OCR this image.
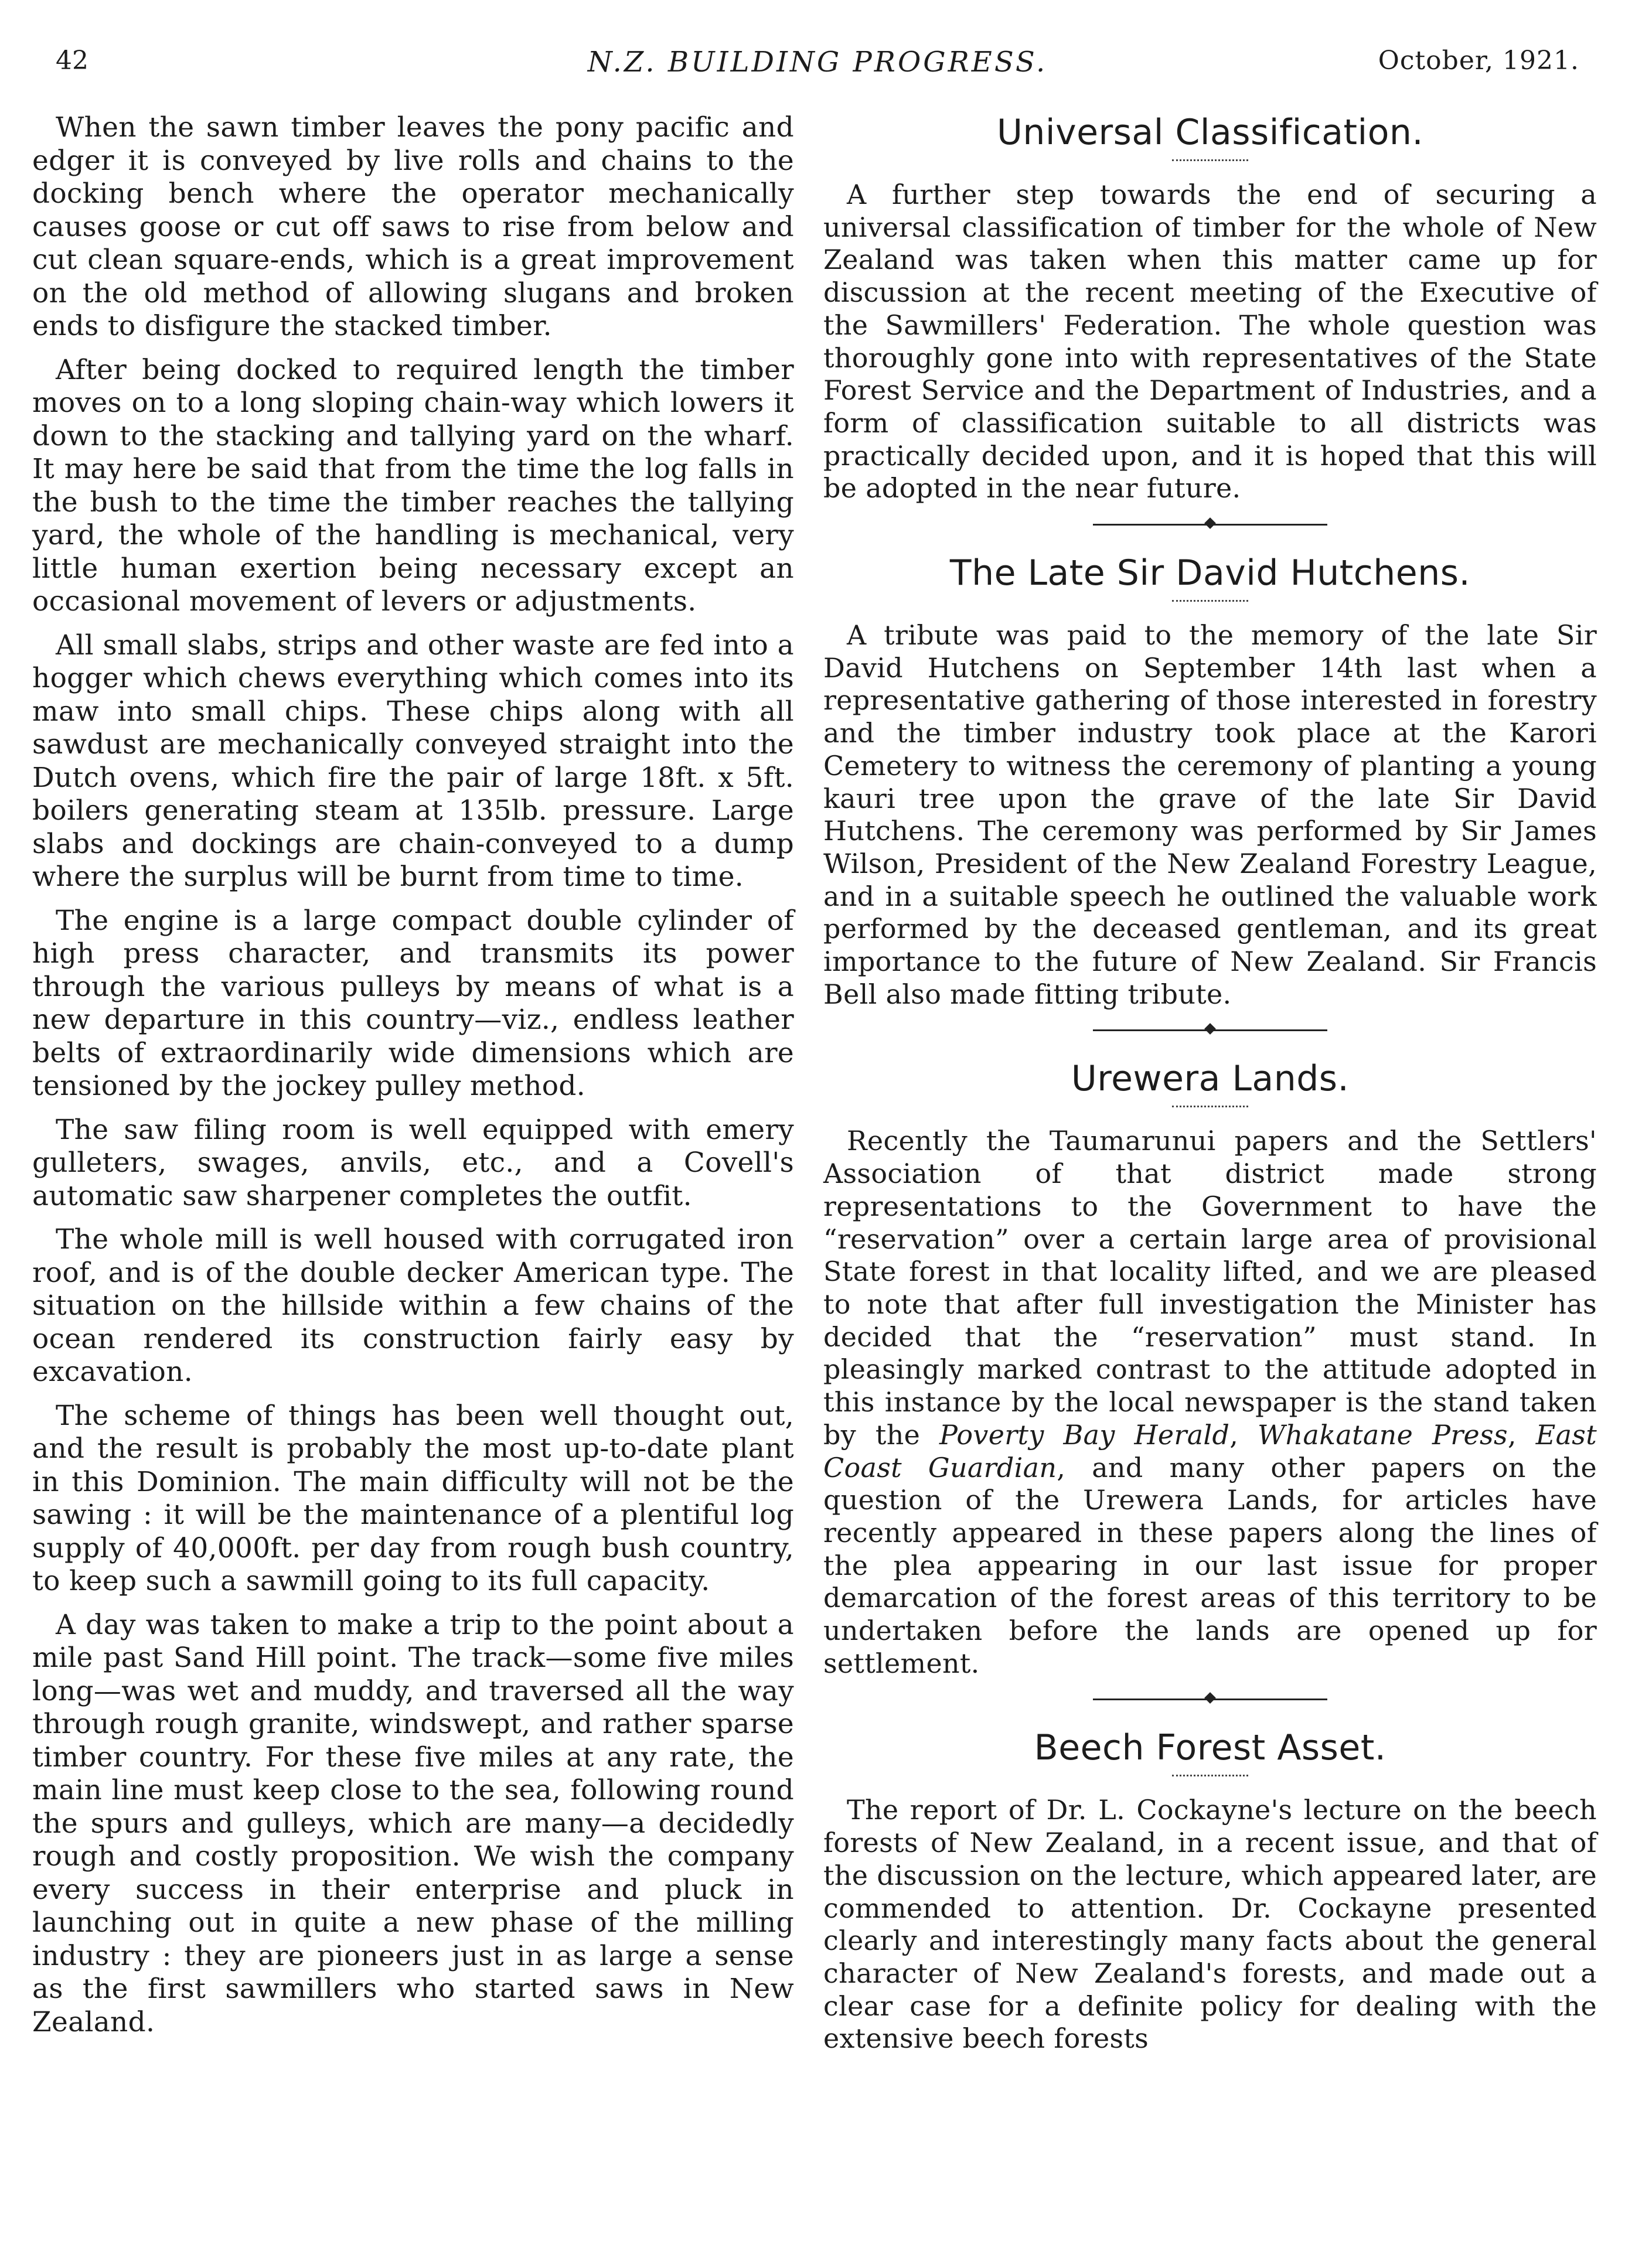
42	N.Z. BUILDING PROGRESS.	October, 1921.

When the sawn timber leaves the pony pacific and edger it is conveyed by live rolls and chains to the docking bench where the operator mechanically causes goose or cut off saws to rise from below and cut clean square-ends, which is a great improvement on the old method of allowing slugans and broken ends to disfigure the stacked timber.

After being docked to required length the timber moves on to a long sloping chain-way which lowers it down to the stacking and tallying yard on the wharf. It may here be said that from the time the log falls in the bush to the time the timber reaches the tallying yard, the whole of the handling is mechanical, very little human exertion being necessary except an occasional movement of levers or adjustments.

All small slabs, strips and other waste are fed into a hogger which chews everything which comes into its maw into small chips. These chips along with all sawdust are mechanically conveyed straight into the Dutch ovens, which fire the pair of large 18ft. x 5ft. boilers generating steam at 135lb. pressure. Large slabs and dockings are chain-conveyed to a dump where the surplus will be burnt from time to time.

The engine is a large compact double cylinder of high press character, and transmits its power through the various pulleys by means of what is a new departure in this country—viz., endless leather belts of extraordinarily wide dimensions which are tensioned by the jockey pulley method.

The saw filing room is well equipped with emery gulleters, swages, anvils, etc., and a Covell's automatic saw sharpener completes the outfit.

The whole mill is well housed with corrugated iron roof, and is of the double decker American type. The situation on the hillside within a few chains of the ocean rendered its construction fairly easy by excavation.

The scheme of things has been well thought out, and the result is probably the most up-to-date plant in this Dominion. The main difficulty will not be the sawing : it will be the maintenance of a plentiful log supply of 40,000ft. per day from rough bush country, to keep such a sawmill going to its full capacity.

A day was taken to make a trip to the point about a mile past Sand Hill point. The track—some five miles long—was wet and muddy, and traversed all the way through rough granite, windswept, and rather sparse timber country. For these five miles at any rate, the main line must keep close to the sea, following round the spurs and gulleys, which are many—a decidedly rough and costly proposition. We wish the company every success in their enterprise and pluck in launching out in quite a new phase of the milling industry : they are pioneers just in as large a sense as the first sawmillers who started saws in New Zealand.

Universal Classification.

A further step towards the end of securing a universal classification of timber for the whole of New Zealand was taken when this matter came up for discussion at the recent meeting of the Executive of the Sawmillers' Federation. The whole question was thoroughly gone into with representatives of the State Forest Service and the Department of Industries, and a form of classification suitable to all districts was practically decided upon, and it is hoped that this will be adopted in the near future.

The Late Sir David Hutchens.

A tribute was paid to the memory of the late Sir David Hutchens on September 14th last when a representative gathering of those interested in forestry and the timber industry took place at the Karori Cemetery to witness the ceremony of planting a young kauri tree upon the grave of the late Sir David Hutchens. The ceremony was performed by Sir James Wilson, President of the New Zealand Forestry League, and in a suitable speech he outlined the valuable work performed by the deceased gentleman, and its great importance to the future of New Zealand. Sir Francis Bell also made fitting tribute.

Urewera Lands.

Recently the Taumarunui papers and the Settlers' Association of that district made strong representations to the Government to have the “reservation” over a certain large area of provisional State forest in that locality lifted, and we are pleased to note that after full investigation the Minister has decided that the “reservation” must stand. In pleasingly marked contrast to the attitude adopted in this instance by the local newspaper is the stand taken by the Poverty Bay Herald, Whakatane Press, East Coast Guardian, and many other papers on the question of the Urewera Lands, for articles have recently appeared in these papers along the lines of the plea appearing in our last issue for proper demarcation of the forest areas of this territory to be undertaken before the lands are opened up for settlement.

Beech Forest Asset.

The report of Dr. L. Cockayne's lecture on the beech forests of New Zealand, in a recent issue, and that of the discussion on the lecture, which appeared later, are commended to attention. Dr. Cockayne presented clearly and interestingly many facts about the general character of New Zealand's forests, and made out a clear case for a definite policy for dealing with the extensive beech forests
